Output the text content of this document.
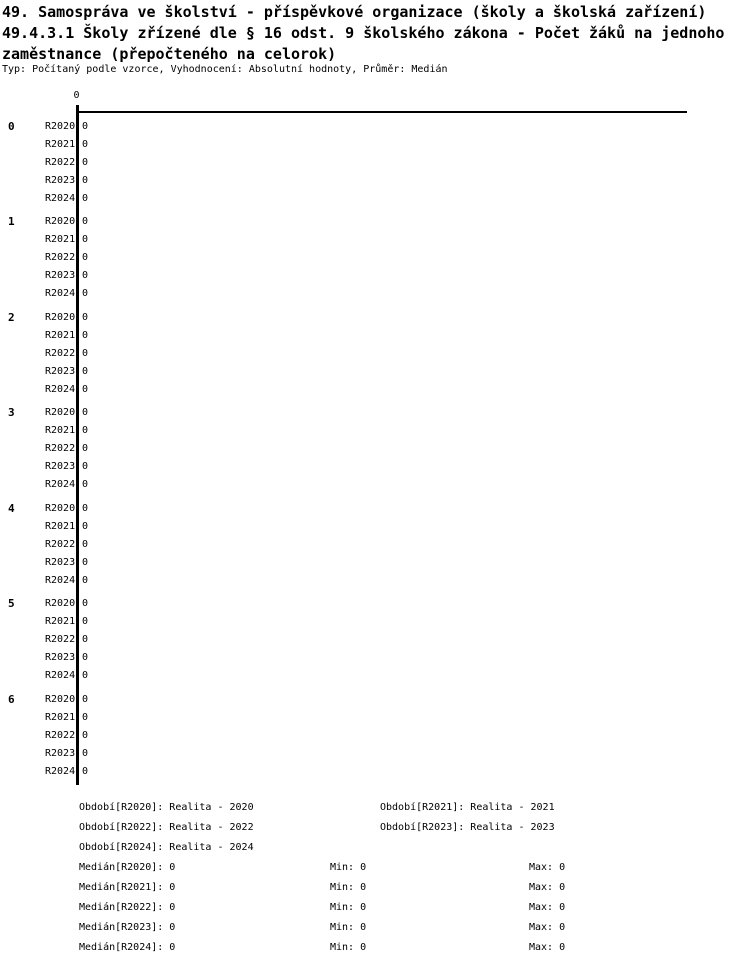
49. Samospráva ve školství - příspěvkové organizace (školy a školská zařízení)
49.4.3.1 Školy zřízené dle § 16 odst. 9 školského zákona - Počet žáků na jednoho
zaměstnance (přepočteného na celorok)
Typ: Počítaný podle vzorce, Vyhodnocení: Absolutní hodnoty, Průměr: Medián
0
0	R2020 0
R2021 0
R2022 0
R2023 0
R2024 0
1	R2020 0
R2021 0
R2022 0
R2023 0
R2024 0
2	R2020 0
R2021 0
R2022 0
R2023 0
R2024 0
3	R2020 0
R2021 0
R2022 0
R2023 0
R2024 0
4	R2020 0
R2021 0
R2022 0
R2023 0
R2024 0
5	R2020 0
R2021 0
R2022 0
R2023 0
R2024 0
6	R2020 0
R2021 0
R2022 0
R2023 0
R2024 0
Období[R2020]: Realita - 2020	Období[R2021]: Realita - 2021
Období[R2022]: Realita - 2022	Období[R2023]: Realita - 2023
Období[R2024]: Realita - 2024
Medián[R2020]: 0	Min: 0	Max: 0
Medián[R2021]: 0	Min: 0	Max: 0
Medián[R2022]: 0	Min: 0	Max: 0
Medián[R2023]: 0	Min: 0	Max: 0
Medián[R2024]: 0	Min: 0	Max: 0
